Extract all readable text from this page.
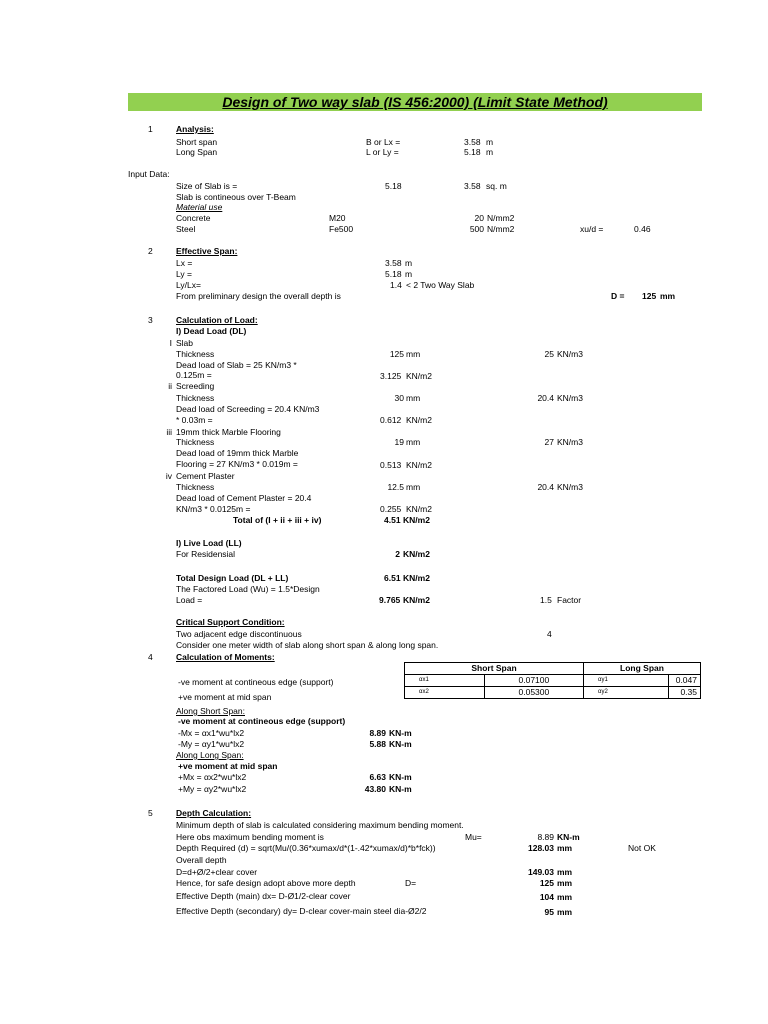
Design of Two way slab (IS 456:2000) (Limit State Method)
1	Analysis:
Short span	B or Lx =	3.58 m
Long Span	L or Ly =	5.18 m
Input Data:
Size of Slab is =	5.18	3.58 sq. m
Slab is contineous over T-Beam
Material use
Concrete	M20	20 N/mm2
Steel	Fe500	500 N/mm2	xu/d =	0.46
2	Effective Span:
Lx =	3.58 m
Ly =	5.18 m
Ly/Lx=	1.4 < 2 Two Way Slab
From preliminary design the overall depth is	D = 125 mm
3	Calculation of Load:
I) Dead Load (DL)
I Slab
Thickness	125 mm	25 KN/m3
Dead load of Slab = 25 KN/m3 *
0.125m =	3.125 KN/m2
ii Screeding
Thickness	30 mm	20.4 KN/m3
Dead load of Screeding = 20.4 KN/m3
* 0.03m =	0.612 KN/m2
iii 19mm thick Marble Flooring
Thickness	19 mm	27 KN/m3
Dead load of 19mm thick Marble
Flooring = 27 KN/m3 * 0.019m =	0.513 KN/m2
iv Cement Plaster
Thickness	12.5 mm	20.4 KN/m3
Dead load of Cement Plaster = 20.4
KN/m3 * 0.0125m =	0.255 KN/m2
Total of (I + ii + iii + iv)	4.51 KN/m2
I) Live Load (LL)
For Residensial	2 KN/m2
Total Design Load (DL + LL)	6.51 KN/m2
The Factored Load (Wu) = 1.5*Design
Load =	9.765 KN/m2	1.5 Factor
Critical Support Condition:
Two adjacent edge discontinuous	4
Consider one meter width of slab along short span & along long span.
4	Calculation of Moments:
-ve moment at contineous edge (support)
+ve moment at mid span
Short Span		Long Span	
αx1	0.07100	αy1	0.047
αx2	0.05300	αy2	0.35
Along Short Span:
-ve moment at contineous edge (support)
-Mx = αx1*wu*lx2	8.89 KN-m
-My = αy1*wu*lx2	5.88 KN-m
Along Long Span:
+ve moment at mid span
+Mx = αx2*wu*lx2	6.63 KN-m
+My = αy2*wu*lx2	43.80 KN-m
5	Depth Calculation:
Minimum depth of slab is calculated considering maximum bending moment.
Here obs maximum bending moment is	Mu=	8.89 KN-m
Depth Required (d) = sqrt(Mu/(0.36*xumax/d*(1-.42*xumax/d)*b*fck))	128.03 mm	Not OK
Overall depth
D=d+Ø/2+clear cover	149.03 mm
Hence, for safe design adopt above more depth	D=	125 mm
Effective Depth (main) dx= D-Ø1/2-clear cover	104 mm
Effective Depth (secondary) dy= D-clear cover-main steel dia-Ø2/2	95 mm
